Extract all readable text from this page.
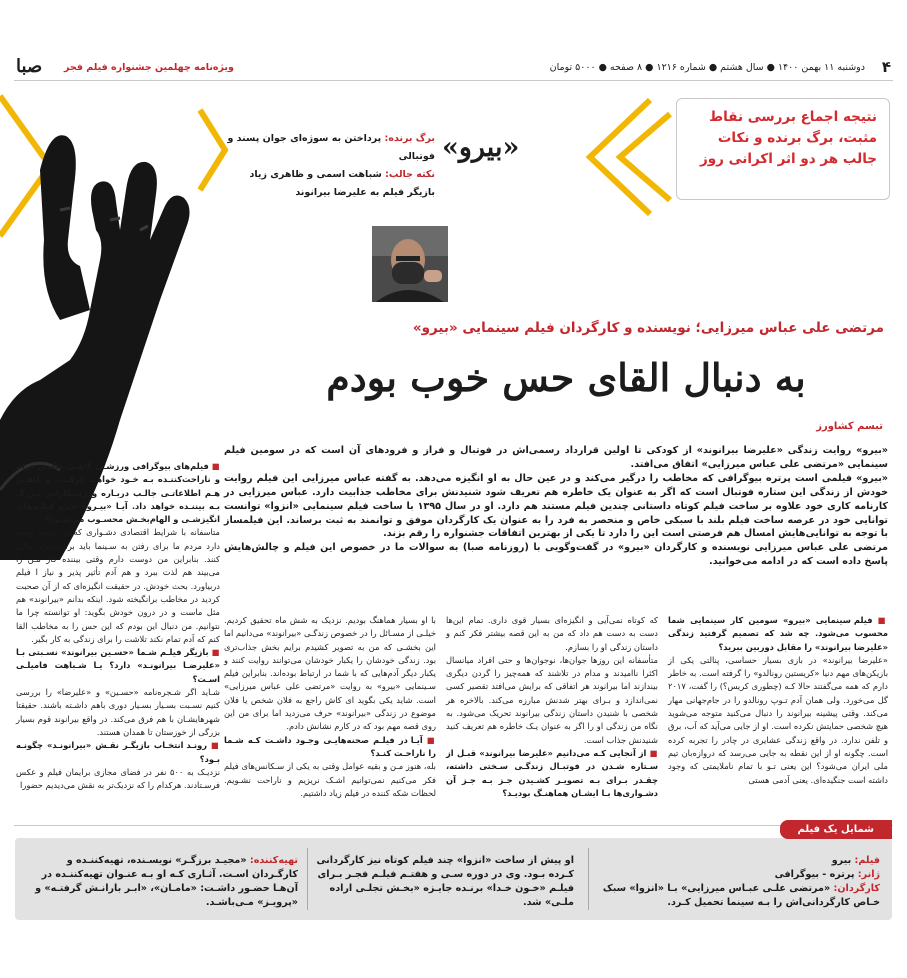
۴
دوشنبه ۱۱ بهمن ۱۴۰۰ ● سال هشتم ● شماره ۱۲۱۶ ● ۸ صفحه ● ۵۰۰۰ تومان
صبا ویژه‌نامه چهلمین جشنواره فیلم فجر
نتیجه اجماع بررسی نقاط مثبت، برگ برنده و نکات جالب هر دو اثر اکرانی روز
«بیرو»
برگ برنده: پرداختن به سوژه‌ای جوان پسند و فوتبالی
نکته جالب: شباهت اسمی و ظاهری زیاد بازیگر فیلم به علیرضا بیرانوند
مرتضی علی عباس میرزایی؛ نویسنده و کارگردان فیلم سینمایی «بیرو»
به دنبال القای حس خوب بودم
تبسم کشاورز

«بیرو» روایت زندگی «علیرضا بیرانوند» از کودکی تا اولین قرارداد رسمی‌اش در فوتبال و فراز و فرودهای آن است که در سومین فیلم سینمایی «مرتضی علی عباس میرزایی» اتفاق می‌افتد.

«بیرو» فیلمی است پرتره بیوگرافی که مخاطب را درگیر می‌کند و در عین حال به او انگیزه می‌دهد. به گفته عباس میرزایی این فیلم روایت خودش از زندگی این ستاره فوتبال است که اگر به عنوان یک خاطره هم تعریف شود شنیدنش برای مخاطب جذابیت دارد. عباس میرزایی در کارنامه کاری خود علاوه بر ساخت فیلم کوتاه داستانی چندین فیلم مستند هم دارد. او در سال ۱۳۹۵ با ساخت فیلم سینمایی «انزوا» توانست توانایی خود در عرصه ساخت فیلم بلند با سبکی خاص و منحصر به فرد را به عنوان یک کارگردان موفق و توانمند به ثبت برساند. این فیلمساز با توجه به توانایی‌هایش امسال هم فرصتی است این را دارد تا یکی از بهترین اتفاقات جشنواره را رقم بزند.

مرتضی علی عباس میرزایی نویسنده و کارگردان «بیرو» در گفت‌وگویی با (روزنامه صبا) به سوالات ما در خصوص این فیلم و چالش‌هایش پاسخ داده است که در ادامه می‌خوانید.

■ فیلم‌های بیوگرافی ورزشـی گاهـی جالبـی درام و ناراحت‌کننـده بـه خـود خواهـد گرفـت، و گاهـی هـم اطلاعاتـی جالـب دربـاره ورزشـکارانی بـزرگ بـه بیننـده خواهد داد. آیـا «بیـرو» جـزو فیلـم‌های انگیزشـی و الهام‌بخـش محسـوب می‌شـود؟

متاسفانه با شرایط اقتصادی دشـواری که در جامعه وجود دارد مردم ما برای رفتن به سـینما باید برنامه‌ریزی مالی کنند. بنابراین من دوست دارم وقتی بیننده کار مـن را می‌بیند هم لذت ببرد و هم آدم تأثیر پذیر و نیاز ا فیلم دربیاورد. بحث خودش. در حقیقت انگیزه‌ای که از آن صحبت کردید در مخاطب برانگیخته شود. اینکه بدانم «بیرانوند» هم مثل ماست و در درون خودش بگوید: او توانسته چرا ما نتوانیم. من دنبال این بودم که این حس را به مخاطب القا کنم که آدم تمام نکند تلاشت را برای زندگی به کار بگیر.

■ بازیگر فیلـم شـما «حسـین بیرانوند» نسـبتی بـا «علیرضـا بیرانونـد» دارد؟ یـا شـباهت فامیلـی اسـت؟

شـاید اگر شـجره‌نامه «حسـین» و «علیرضا» را بررسی کنیم نسـبت بسـیار بسـیار دوری باهم داشـته باشند. حقیقتا شهرهایشـان با هم فرق می‌کند. در واقع بیرانوند قوم بسیار بزرگی از خوزستان تا همدان هستند.

■ رونـد انتخـاب بازیگـر نقـش «بیرانونـد» چگونـه بـود؟

نزدیـک به ۵۰۰ نفر در فضای مجازی برایمان فیلم و عکس فرسـتادند. هرکدام را که نزدیک‌تر به نقش می‌دیدیم حضورا

■ فیلم سینمایی «بیرو» سومین کار سینمایی شما محسوب می‌شود. چه شد که تصمیم گرفتید زندگی «علیرضا بیرانوند» را مقابل دوربین ببرید؟

«علیرضا بیرانوند» در بازی بسیار حساسی، پنالتی یکی از بازیکن‌های مهم دنیا «کریستین رونالدو» را گرفته است. به خاطر دارم که همه می‌گفتند حالا کـه (چطوری کریس؟) را گفت، ۲۰۱۷ گل می‌خورد. ولی همان آدم تـوپ رونالدو را در جام‌جهانی مهار می‌کند. وقتی پیشینه بیرانوند را دنبال می‌کنید متوجه می‌شوید هیچ شخصی حمایتش نکرده است. او از جایی می‌آید که آب، برق و تلفن ندارد. در واقع زندگی عشایری در چادر را تجربه کرده است. چگونه او از این نقطه به جایی می‌رسد که دروازه‌بان تیم ملی ایران می‌شود؟ این یعنی تـو با تمام ناملایمتی که وجود داشته است جنگیده‌ای. یعنی آدمی هستی

که کوتاه نمی‌آیی و انگیزه‌ای بسیار قوی داری. تمام این‌ها دست به دست هم داد که من به این قصه بیشتر فکر کنم و داستان زندگی او را بسازم.

متأسفانه این روزها جوان‌ها، نوجوان‌ها و حتی افراد میانسال اکثرا ناامیدند و مدام در تلاشند که همه‌چیز را گردن دیگری بیندازند اما بیرانوند هر اتفاقی که برایش می‌افتد تقصیر کسی نمی‌اندازد و بـرای بهتر شدنش مبارزه می‌کند. بالاخره هر شخصی با شنیدن داستان زندگی بیرانوند تحریک می‌شود. به نگاه من زندگی او را اگر به عنوان یـک خاطره هم تعریف کنید شنیدنش جذاب است.

■ از آنجایی کـه می‌دانیم «علیرضا بیرانوند» قبـل از سـتاره شـدن در فوتبـال زندگـی سـختی داشته، چقـدر بـرای بـه تصویـر کشـیدن جـز بـه جـز آن دشـواری‌ها بـا ایشـان هماهنـگ بودیـد؟

با او بسیار هماهنگ بودیم. نزدیک به شش ماه تحقیق کردیم. خیلـی از مسـائل را در خصوص زندگـی «بیرانوند» می‌دانیم اما این بخشـی که من به تصویر کشیدم برایم بخش جذاب‌تری بود. زندگی خودشان را یکبار خودشان می‌توانند روایت کنند و یکبار دیگر آدم‌هایی که با شما در ارتباط بوده‌اند. بنابراین فیلم سـینمایی «بیرو» به روایت «مرتضی علی عباس میرزایی» است. شاید یکی بگوید ای کاش راجع به فلان شخص یا فلان موضوع در زندگی «بیرانوند» حرف می‌زدید اما برای من این روی قصه مهم بود که در کارم نشانش دادم.

■ آیـا در فیلـم صحنه‌هایـی وجـود داشـت کـه شـما را ناراحـت کنـد؟

بله، هنوز مـن و بقیه عوامل وقتی به یکی از سـکانس‌های فیلم فکر می‌کنیم نمی‌توانیم اشـک نریزیم و ناراحت نشـویم. لحظات شکه کننده در فیلم زیاد داشتیم.

فیلم: بیرو
ژانر: پرتره - بیوگرافی
کارگردان: «مرتضی علـی عبـاس میرزایی» بـا «انزوا» سبک خـاص کارگردانی‌اش را بـه سینما تحمیل کـرد.
او پیش از ساخت «انزوا» چند فیلم کوتاه نیز کارگردانی کـرده بـود. وی در دوره سـی و هفتـم فیلـم فجـر بـرای فیلـم «خـون خـدا» برنـده جایـزه «بخـش تجلـی اراده ملـی» شد.
تهیه‌کننده: «مجیـد برزگـر» نویسـنده، تهیه‌کننـده و کارگـردان اسـت. آثـاری کـه او بـه عنـوان تهیه‌کننـده در آن‌هـا حضـور داشـت: «مامـان»، «ابـر بارانـش گرفتـه» و «پرویـز» مـی‌باشـد.
شمایل یک فیلم
